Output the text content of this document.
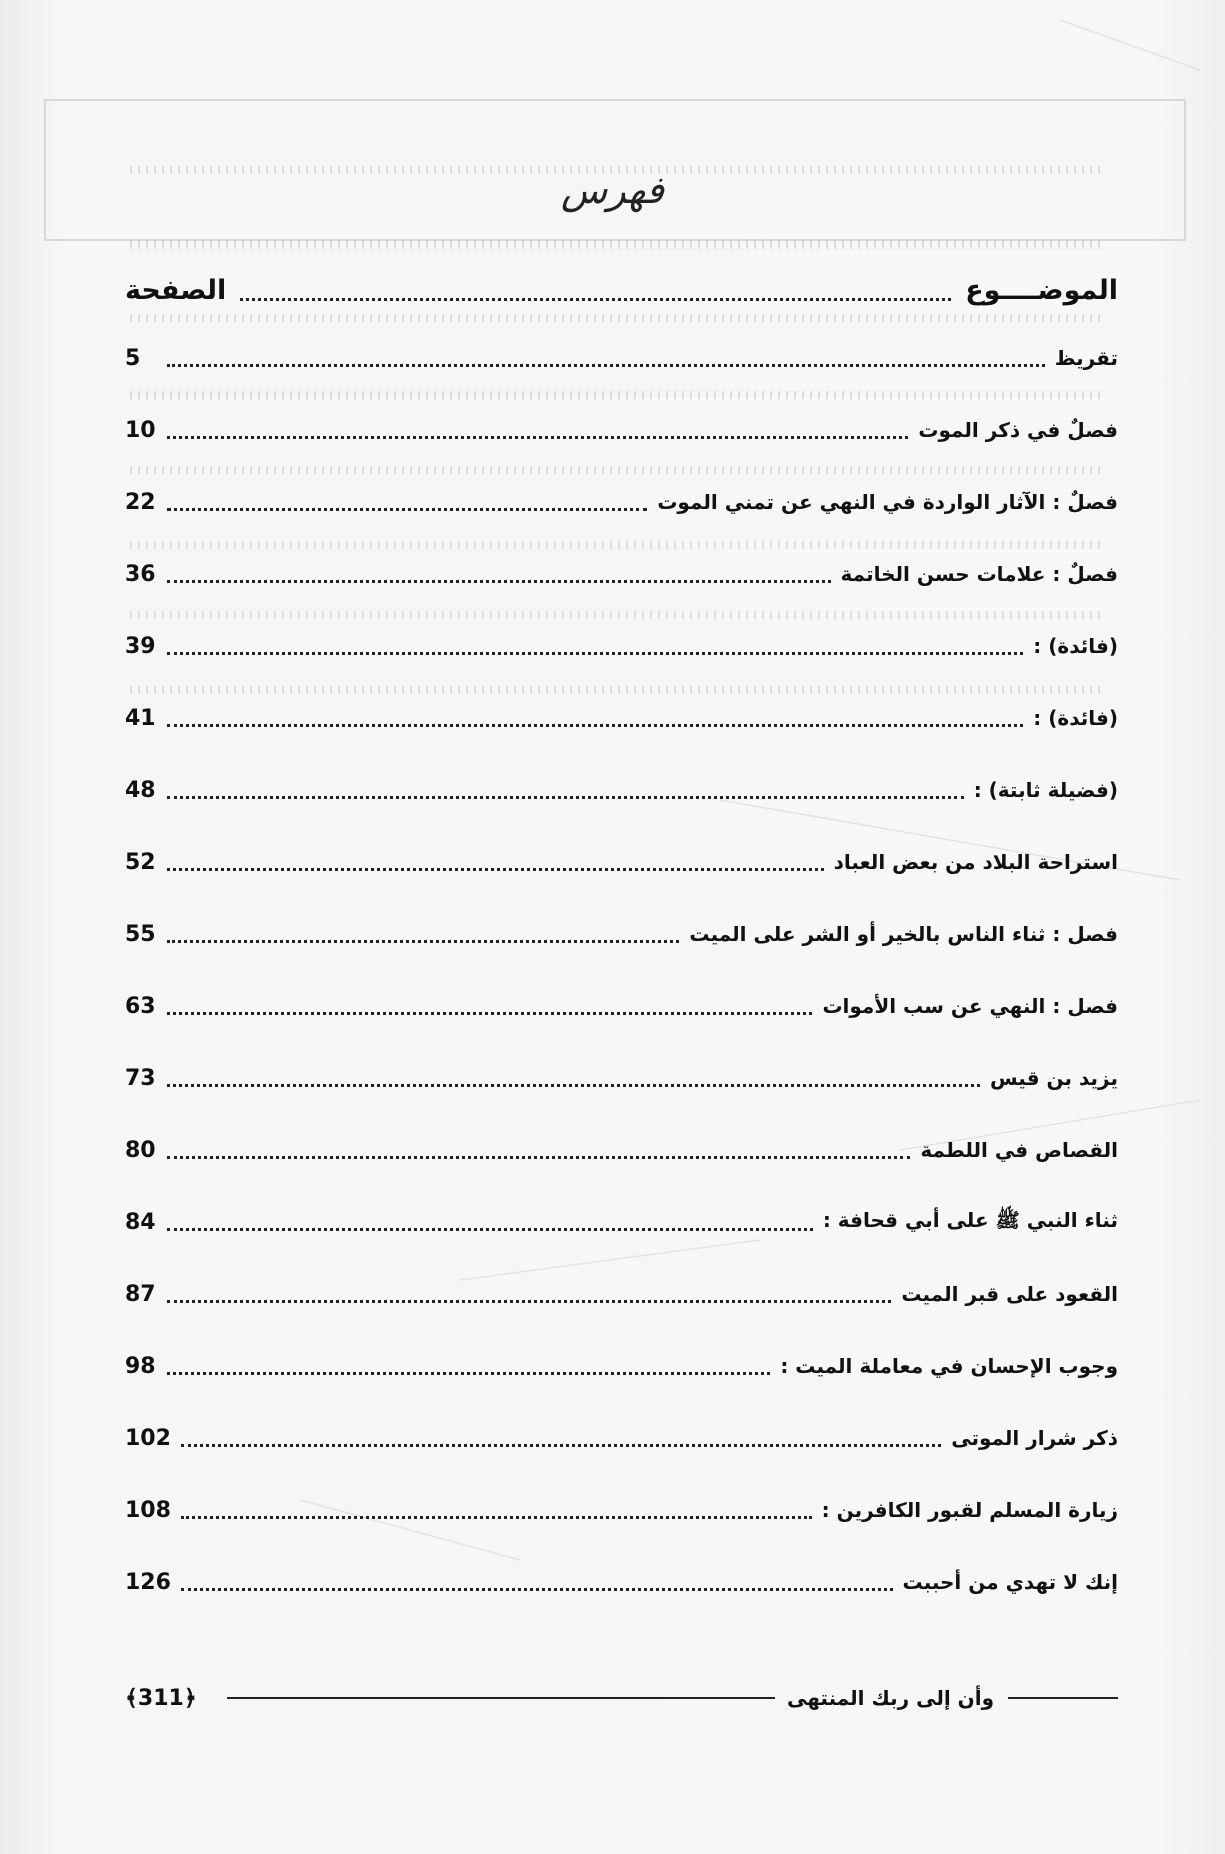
فهرس
الموضــــوع
الصفحة
تقريظ
5
فصلٌ في ذكر الموت
10
فصلٌ : الآثار الواردة في النهي عن تمني الموت
22
فصلٌ : علامات حسن الخاتمة
36
(فائدة) :
39
(فائدة) :
41
(فضيلة ثابتة) :
48
استراحة البلاد من بعض العباد
52
فصل : ثناء الناس بالخير أو الشر على الميت
55
فصل : النهي عن سب الأموات
63
يزيد بن قيس
73
القصاص في اللطمة
80
ثناء النبي ﷺ على أبي قحافة :
84
القعود على قبر الميت
87
وجوب الإحسان في معاملة الميت :
98
ذكر شرار الموتى
102
زيارة المسلم لقبور الكافرين :
108
إنك لا تهدي من أحببت
126
وأن إلى ربك المنتهى
﴾311﴿
